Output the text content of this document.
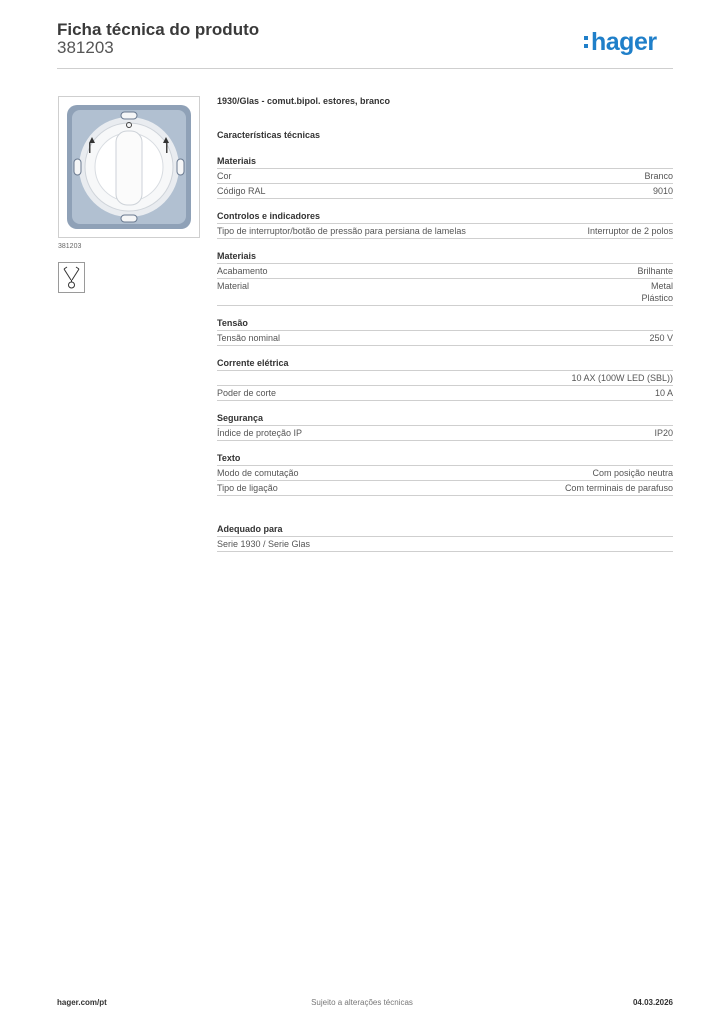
Ficha técnica do produto
381203	hager
381203
1930/Glas - comut.bipol. estores, branco
Características técnicas
Materiais
Cor	Branco
Código RAL	9010
Controlos e indicadores
Tipo de interruptor/botão de pressão para persiana de lamelas	Interruptor de 2 polos
Materiais
Acabamento	Brilhante
Material	Metal
Plástico
Tensão
Tensão nominal	250 V
Corrente elétrica
10 AX (100W LED (SBL))
Poder de corte	10 A
Segurança
Índice de proteção IP	IP20
Texto
Modo de comutação	Com posição neutra
Tipo de ligação	Com terminais de parafuso
Adequado para
Serie 1930 / Serie Glas
hager.com/pt	Sujeito a alterações técnicas	04.03.2026
